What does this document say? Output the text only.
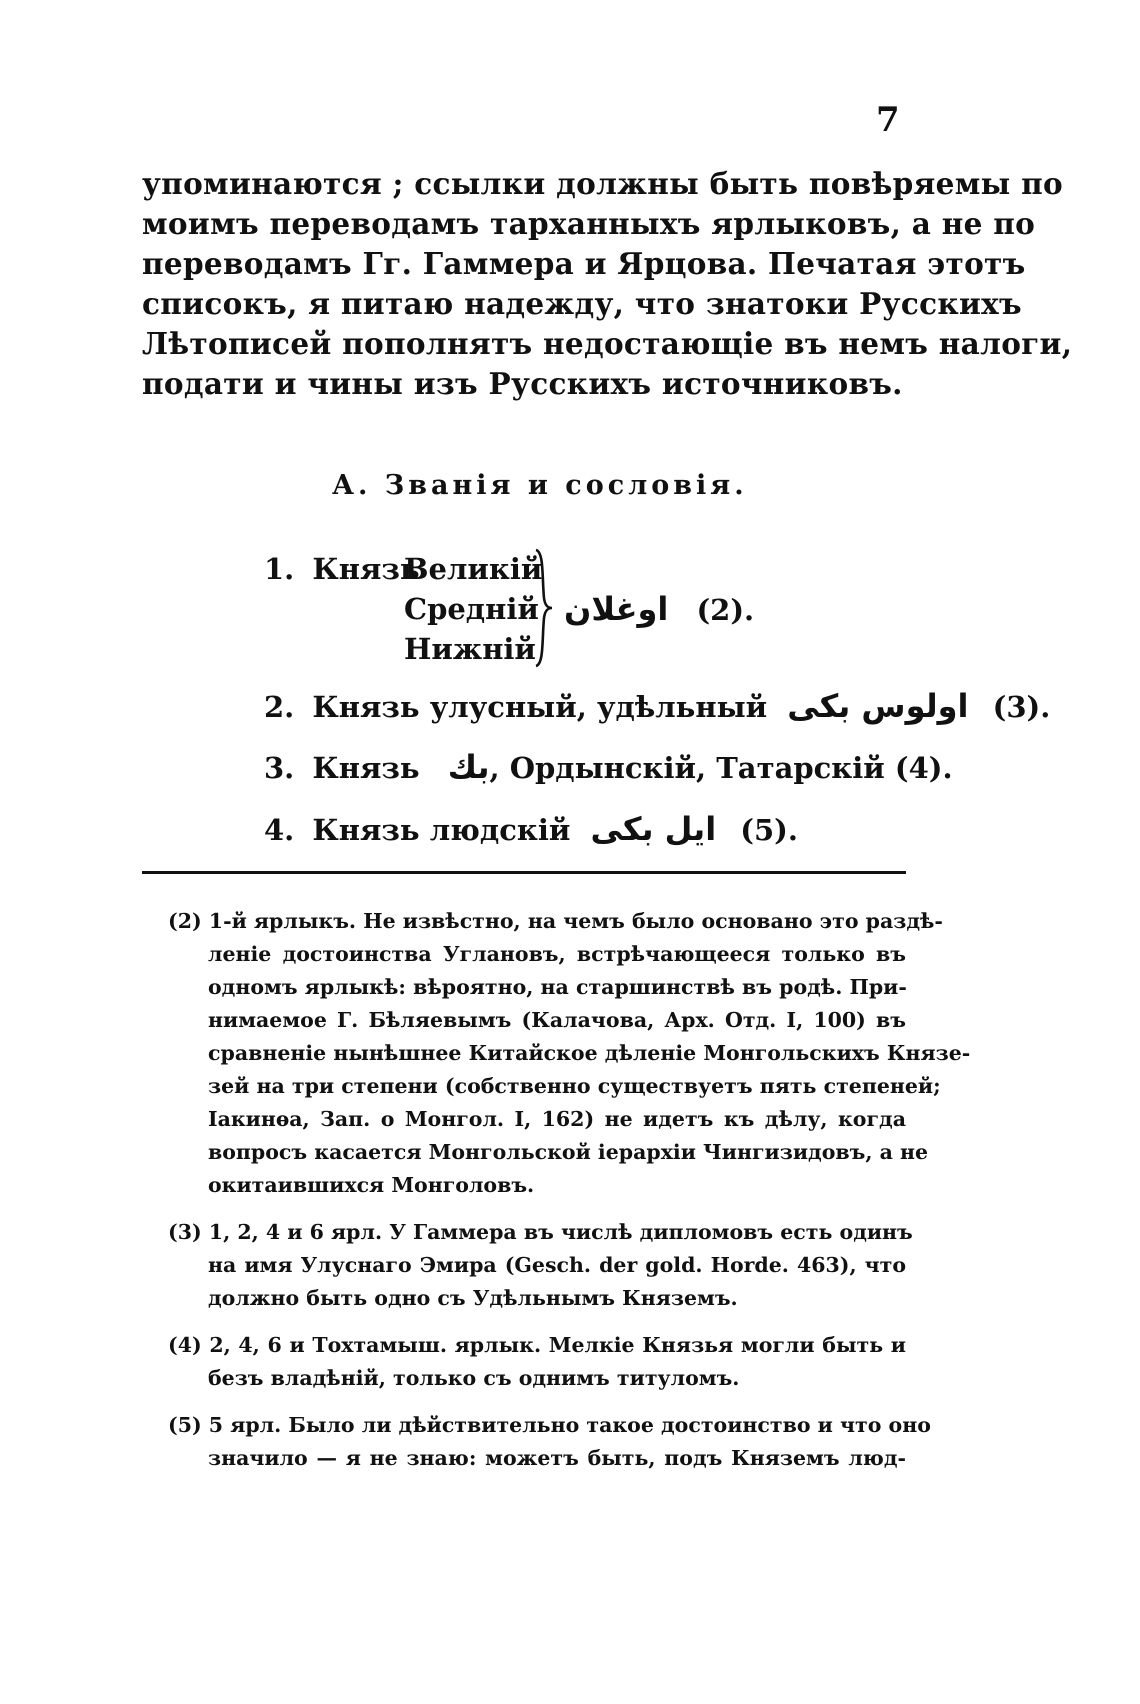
7
упоминаются ; ссылки должны быть повѣряемы по
моимъ переводамъ тарханныхъ ярлыковъ, а не по
переводамъ Гг. Гаммера и Ярцова. Печатая этотъ
списокъ, я питаю надежду, что знатоки Русскихъ
Лѣтописей пополнятъ недостающіе въ немъ налоги,
подати и чины изъ Русскихъ источниковъ.
А. Званія и сословія.
1. Князь
Великій
Средній
Нижній
اوغلان (2).
2. Князь улусный, удѣльный اولوس بكى (3).
3. Князь بك, Ордынскій, Татарскій (4).
4. Князь людскій ايل بكى (5).
(2) 1-й ярлыкъ. Не извѣстно, на чемъ было основано это раздѣ-
леніе достоинства Углановъ, встрѣчающееся только въ
одномъ ярлыкѣ: вѣроятно, на старшинствѣ въ родѣ. При-
нимаемое Г. Бѣляевымъ (Калачова, Арх. Отд. I, 100) въ
сравненіе нынѣшнее Китайское дѣленіе Монгольскихъ Князе-
зей на три степени (собственно существуетъ пять степеней;
Іакинѳа, Зап. о Монгол. I, 162) не идетъ къ дѣлу, когда
вопросъ касается Монгольской іерархіи Чингизидовъ, а не
окитаившихся Монголовъ.
(3) 1, 2, 4 и 6 ярл. У Гаммера въ числѣ дипломовъ есть одинъ
на имя Улуснаго Эмира (Gesch. der gold. Horde. 463), что
должно быть одно съ Удѣльнымъ Княземъ.
(4) 2, 4, 6 и Тохтамыш. ярлык. Мелкіе Князья могли быть и
безъ владѣній, только съ однимъ титуломъ.
(5) 5 ярл. Было ли дѣйствительно такое достоинство и что оно
значило — я не знаю: можетъ быть, подъ Княземъ люд-
